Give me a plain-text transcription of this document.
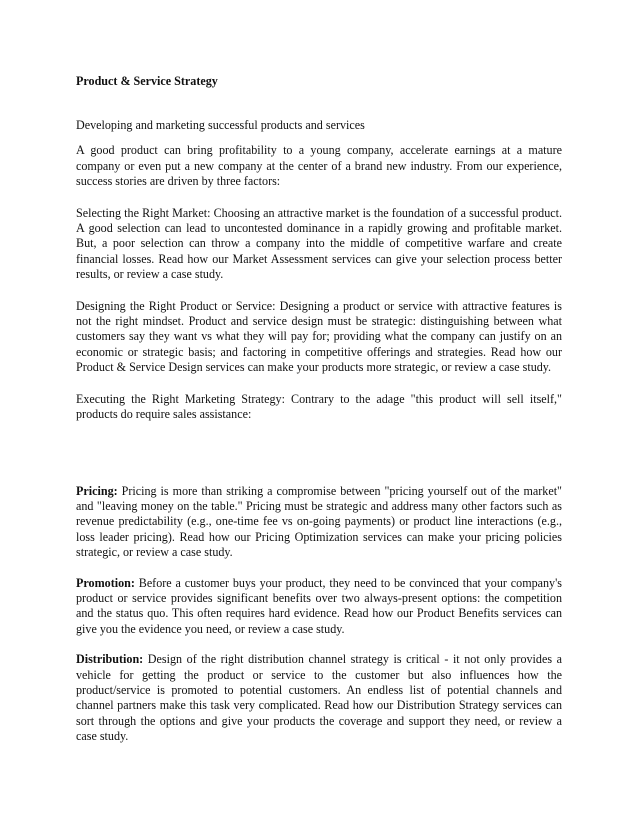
Product & Service Strategy

Developing and marketing successful products and services

A good product can bring profitability to a young company, accelerate earnings at a mature company or even put a new company at the center of a brand new industry. From our experience, success stories are driven by three factors:

Selecting the Right Market: Choosing an attractive market is the foundation of a successful product. A good selection can lead to uncontested dominance in a rapidly growing and profitable market. But, a poor selection can throw a company into the middle of competitive warfare and create financial losses. Read how our Market Assessment services can give your selection process better results, or review a case study.

Designing the Right Product or Service: Designing a product or service with attractive features is not the right mindset. Product and service design must be strategic: distinguishing between what customers say they want vs what they will pay for; providing what the company can justify on an economic or strategic basis; and factoring in competitive offerings and strategies. Read how our Product & Service Design services can make your products more strategic, or review a case study.

Executing the Right Marketing Strategy: Contrary to the adage "this product will sell itself," products do require sales assistance:

Pricing: Pricing is more than striking a compromise between "pricing yourself out of the market" and "leaving money on the table." Pricing must be strategic and address many other factors such as revenue predictability (e.g., one-time fee vs on-going payments) or product line interactions (e.g., loss leader pricing). Read how our Pricing Optimization services can make your pricing policies strategic, or review a case study.

Promotion: Before a customer buys your product, they need to be convinced that your company's product or service provides significant benefits over two always-present options: the competition and the status quo. This often requires hard evidence. Read how our Product Benefits services can give you the evidence you need, or review a case study.

Distribution: Design of the right distribution channel strategy is critical - it not only provides a vehicle for getting the product or service to the customer but also influences how the product/service is promoted to potential customers. An endless list of potential channels and channel partners make this task very complicated. Read how our Distribution Strategy services can sort through the options and give your products the coverage and support they need, or review a case study.
